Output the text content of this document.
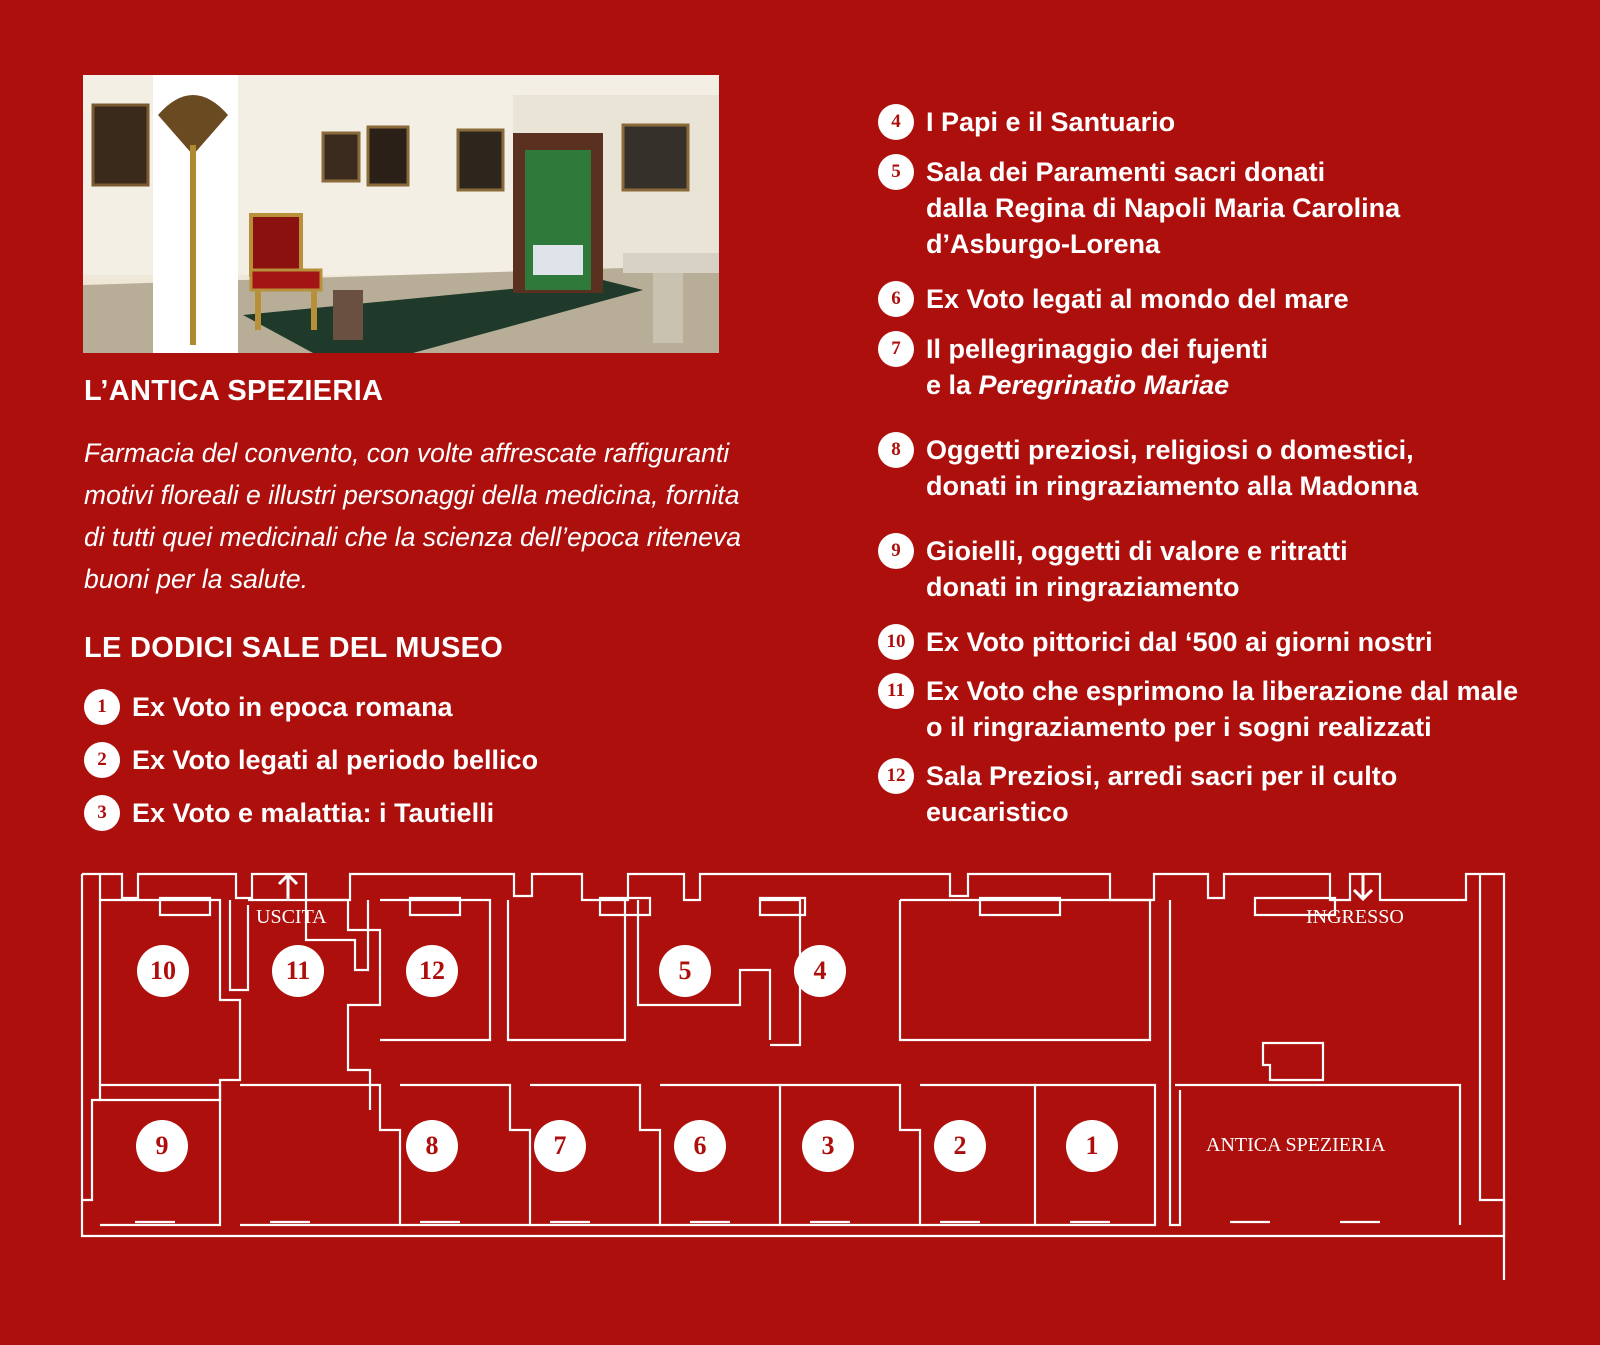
L’ANTICA SPEZIERIA

Farmacia del convento, con volte affrescate raffiguranti motivi floreali e illustri personaggi della medicina, fornita di tutti quei medicinali che la scienza dell’epoca riteneva buoni per la salute.

LE DODICI SALE DEL MUSEO
1 Ex Voto in epoca romana
2 Ex Voto legati al periodo bellico
3 Ex Voto e malattia: i Tautielli
4 I Papi e il Santuario
5 Sala dei Paramenti sacri donati
dalla Regina di Napoli Maria Carolina
d’Asburgo-Lorena
6 Ex Voto legati al mondo del mare
7 Il pellegrinaggio dei fujenti
e la Peregrinatio Mariae
8 Oggetti preziosi, religiosi o domestici,
donati in ringraziamento alla Madonna
9 Gioielli, oggetti di valore e ritratti
donati in ringraziamento
10 Ex Voto pittorici dal ‘500 ai giorni nostri
11 Ex Voto che esprimono la liberazione dal male
o il ringraziamento per i sogni realizzati
12 Sala Preziosi, arredi sacri per il culto
eucaristico
USCITA	INGRESSO
ANTICA SPEZIERIA
10	11	12	5	4
9	8	7	6	3	2	1
